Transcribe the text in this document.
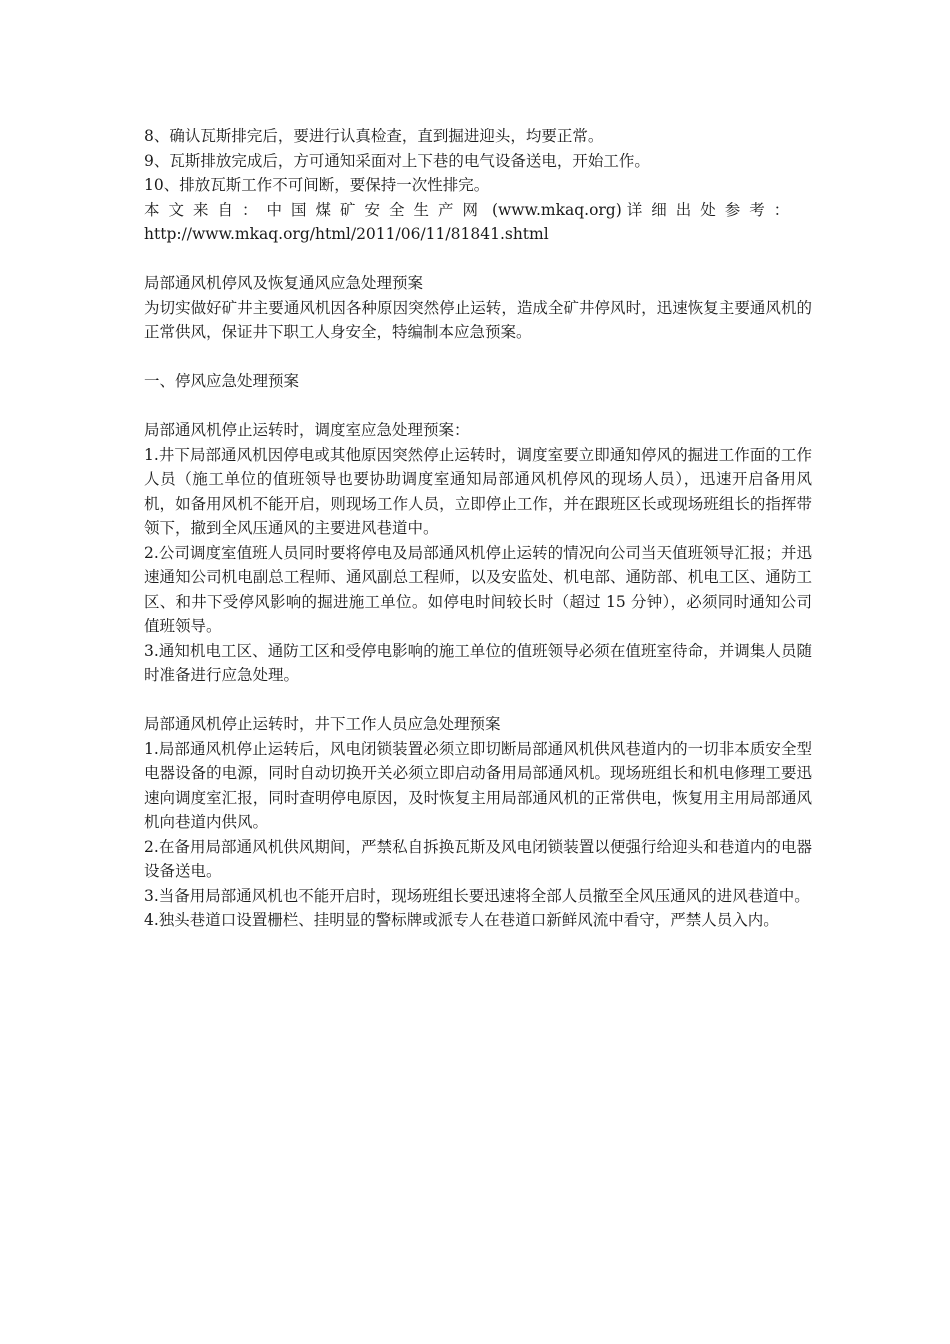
8、确认瓦斯排完后，要进行认真检查，直到掘进迎头，均要正常。

9、瓦斯排放完成后，方可通知采面对上下巷的电气设备送电，开始工作。

10、排放瓦斯工作不可间断，要保持一次性排完。

本文来自：中国煤矿安全生产网 (www.mkaq.org) 详细出处参考：

http://www.mkaq.org/html/2011/06/11/81841.shtml

局部通风机停风及恢复通风应急处理预案

为切实做好矿井主要通风机因各种原因突然停止运转，造成全矿井停风时，迅速恢复主要通风机的正常供风，保证井下职工人身安全，特编制本应急预案。

一、停风应急处理预案

局部通风机停止运转时，调度室应急处理预案：

1.井下局部通风机因停电或其他原因突然停止运转时，调度室要立即通知停风的掘进工作面的工作人员（施工单位的值班领导也要协助调度室通知局部通风机停风的现场人员），迅速开启备用风机，如备用风机不能开启，则现场工作人员，立即停止工作，并在跟班区长或现场班组长的指挥带领下，撤到全风压通风的主要进风巷道中。

2.公司调度室值班人员同时要将停电及局部通风机停止运转的情况向公司当天值班领导汇报；并迅速通知公司机电副总工程师、通风副总工程师，以及安监处、机电部、通防部、机电工区、通防工区、和井下受停风影响的掘进施工单位。如停电时间较长时（超过 15 分钟），必须同时通知公司值班领导。

3.通知机电工区、通防工区和受停电影响的施工单位的值班领导必须在值班室待命，并调集人员随时准备进行应急处理。

局部通风机停止运转时，井下工作人员应急处理预案

1.局部通风机停止运转后，风电闭锁装置必须立即切断局部通风机供风巷道内的一切非本质安全型电器设备的电源，同时自动切换开关必须立即启动备用局部通风机。现场班组长和机电修理工要迅速向调度室汇报，同时查明停电原因，及时恢复主用局部通风机的正常供电，恢复用主用局部通风机向巷道内供风。

2.在备用局部通风机供风期间，严禁私自拆换瓦斯及风电闭锁装置以便强行给迎头和巷道内的电器设备送电。

3.当备用局部通风机也不能开启时，现场班组长要迅速将全部人员撤至全风压通风的进风巷道中。

4.独头巷道口设置栅栏、挂明显的警标牌或派专人在巷道口新鲜风流中看守，严禁人员入内。
